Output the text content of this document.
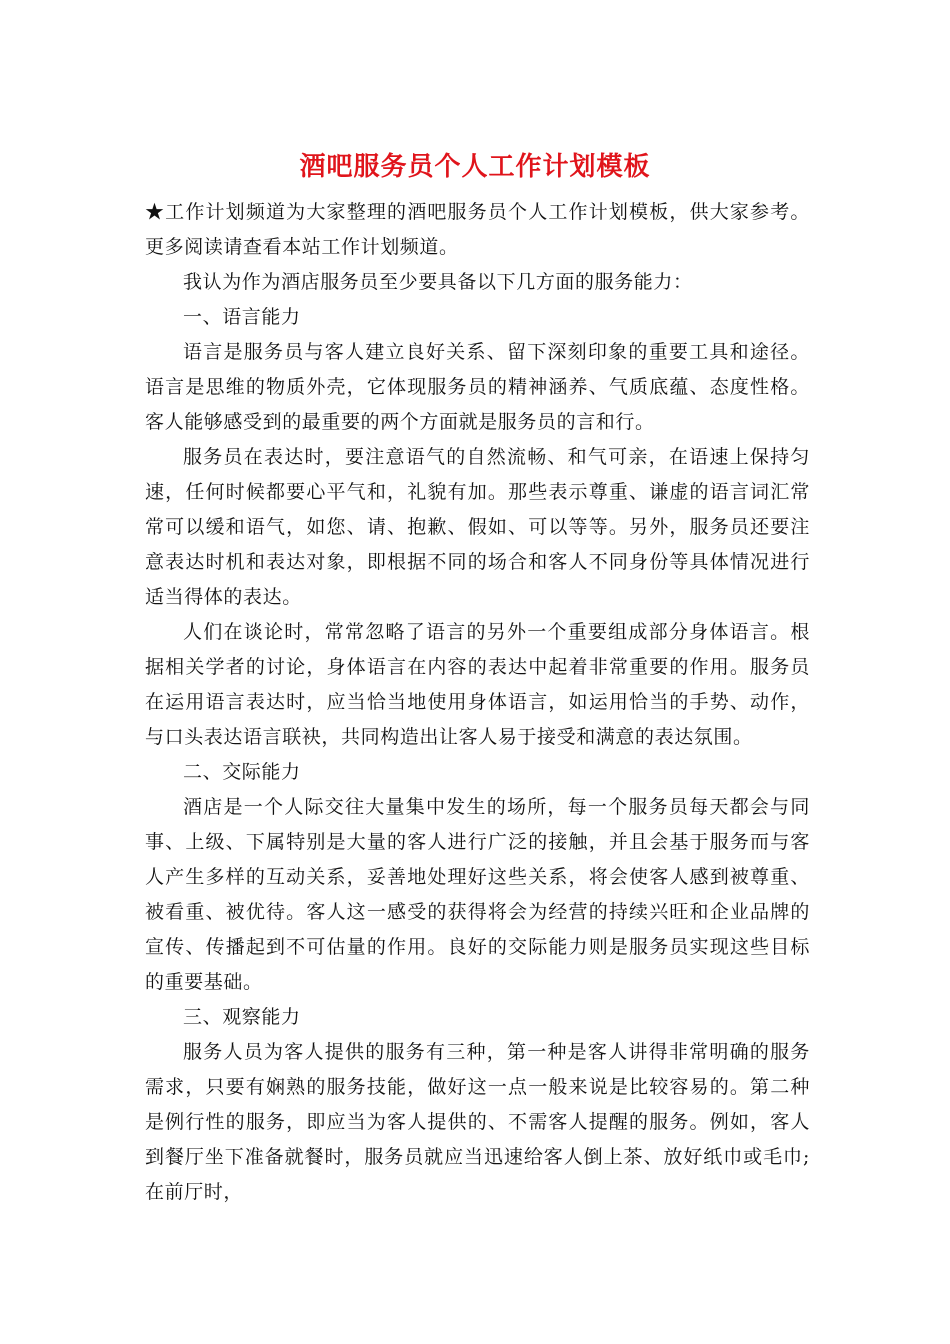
酒吧服务员个人工作计划模板

★工作计划频道为大家整理的酒吧服务员个人工作计划模板，供大家参考。更多阅读请查看本站工作计划频道。

我认为作为酒店服务员至少要具备以下几方面的服务能力：

一、语言能力

语言是服务员与客人建立良好关系、留下深刻印象的重要工具和途径。语言是思维的物质外壳，它体现服务员的精神涵养、气质底蕴、态度性格。客人能够感受到的最重要的两个方面就是服务员的言和行。

服务员在表达时，要注意语气的自然流畅、和气可亲，在语速上保持匀速，任何时候都要心平气和，礼貌有加。那些表示尊重、谦虚的语言词汇常常可以缓和语气，如您、请、抱歉、假如、可以等等。另外，服务员还要注意表达时机和表达对象，即根据不同的场合和客人不同身份等具体情况进行适当得体的表达。

人们在谈论时，常常忽略了语言的另外一个重要组成部分身体语言。根据相关学者的讨论，身体语言在内容的表达中起着非常重要的作用。服务员在运用语言表达时，应当恰当地使用身体语言，如运用恰当的手势、动作，与口头表达语言联袂，共同构造出让客人易于接受和满意的表达氛围。

二、交际能力

酒店是一个人际交往大量集中发生的场所，每一个服务员每天都会与同事、上级、下属特别是大量的客人进行广泛的接触，并且会基于服务而与客人产生多样的互动关系，妥善地处理好这些关系，将会使客人感到被尊重、被看重、被优待。客人这一感受的获得将会为经营的持续兴旺和企业品牌的宣传、传播起到不可估量的作用。良好的交际能力则是服务员实现这些目标的重要基础。

三、观察能力

服务人员为客人提供的服务有三种，第一种是客人讲得非常明确的服务需求，只要有娴熟的服务技能，做好这一点一般来说是比较容易的。第二种是例行性的服务，即应当为客人提供的、不需客人提醒的服务。例如，客人到餐厅坐下准备就餐时，服务员就应当迅速给客人倒上茶、放好纸巾或毛巾;在前厅时，
